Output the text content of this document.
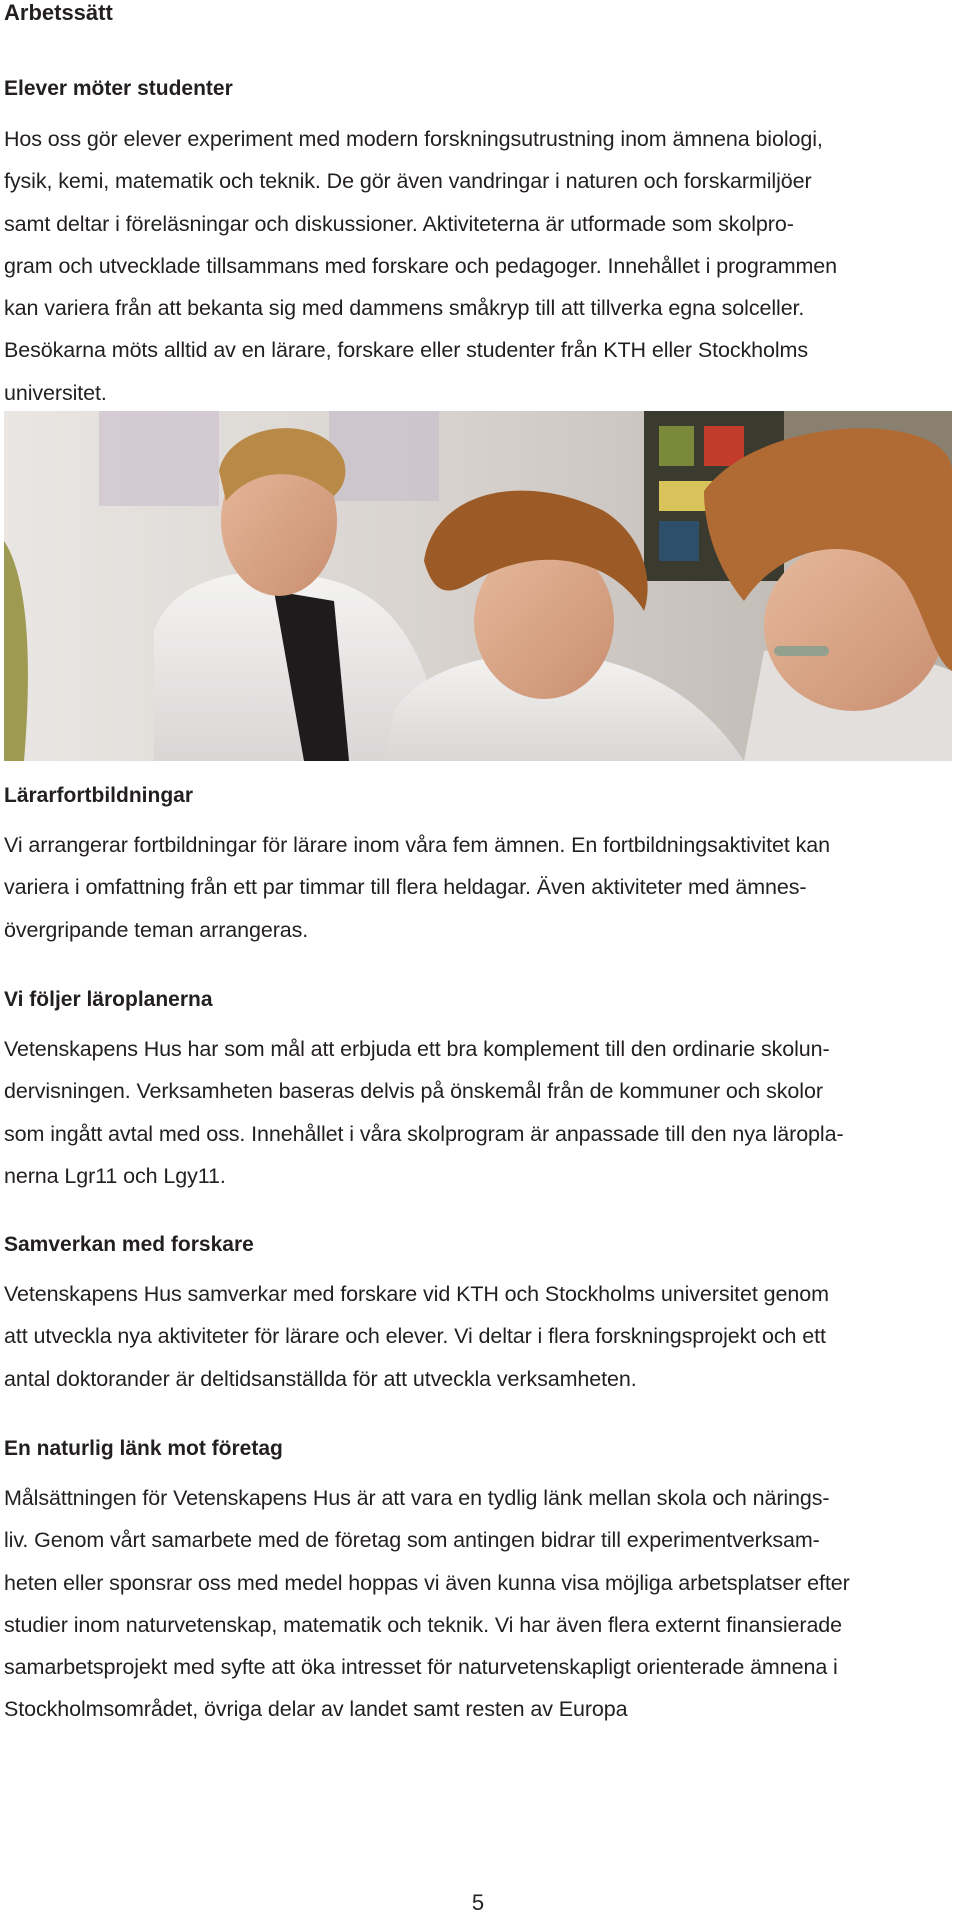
Arbetssätt
Elever möter studenter

Hos oss gör elever experiment med modern forskningsutrustning inom ämnena biologi,
fysik, kemi, matematik och teknik. De gör även vandringar i naturen och forskarmiljöer
samt deltar i föreläsningar och diskussioner. Aktiviteterna är utformade som skolpro-
gram och utvecklade tillsammans med forskare och pedagoger. Innehållet i programmen
kan variera från att bekanta sig med dammens småkryp till att tillverka egna solceller.
Besökarna möts alltid av en lärare, forskare eller studenter från KTH eller Stockholms
universitet.

Lärarfortbildningar

Vi arrangerar fortbildningar för lärare inom våra fem ämnen. En fortbildningsaktivitet kan
variera i omfattning från ett par timmar till flera heldagar. Även aktiviteter med ämnes-
övergripande teman arrangeras.

Vi följer läroplanerna

Vetenskapens Hus har som mål att erbjuda ett bra komplement till den ordinarie skolun-
dervisningen. Verksamheten baseras delvis på önskemål från de kommuner och skolor
som ingått avtal med oss. Innehållet i våra skolprogram är anpassade till den nya läropla-
nerna Lgr11 och Lgy11.

Samverkan med forskare

Vetenskapens Hus samverkar med forskare vid KTH och Stockholms universitet genom
att utveckla nya aktiviteter för lärare och elever. Vi deltar i flera forskningsprojekt och ett
antal doktorander är deltidsanställda för att utveckla verksamheten.

En naturlig länk mot företag

Målsättningen för Vetenskapens Hus är att vara en tydlig länk mellan skola och närings-
liv. Genom vårt samarbete med de företag som antingen bidrar till experimentverksam-
heten eller sponsrar oss med medel hoppas vi även kunna visa möjliga arbetsplatser efter
studier inom naturvetenskap, matematik och teknik. Vi har även flera externt finansierade
samarbetsprojekt med syfte att öka intresset för naturvetenskapligt orienterade ämnena i
Stockholmsområdet, övriga delar av landet samt resten av Europa

5
